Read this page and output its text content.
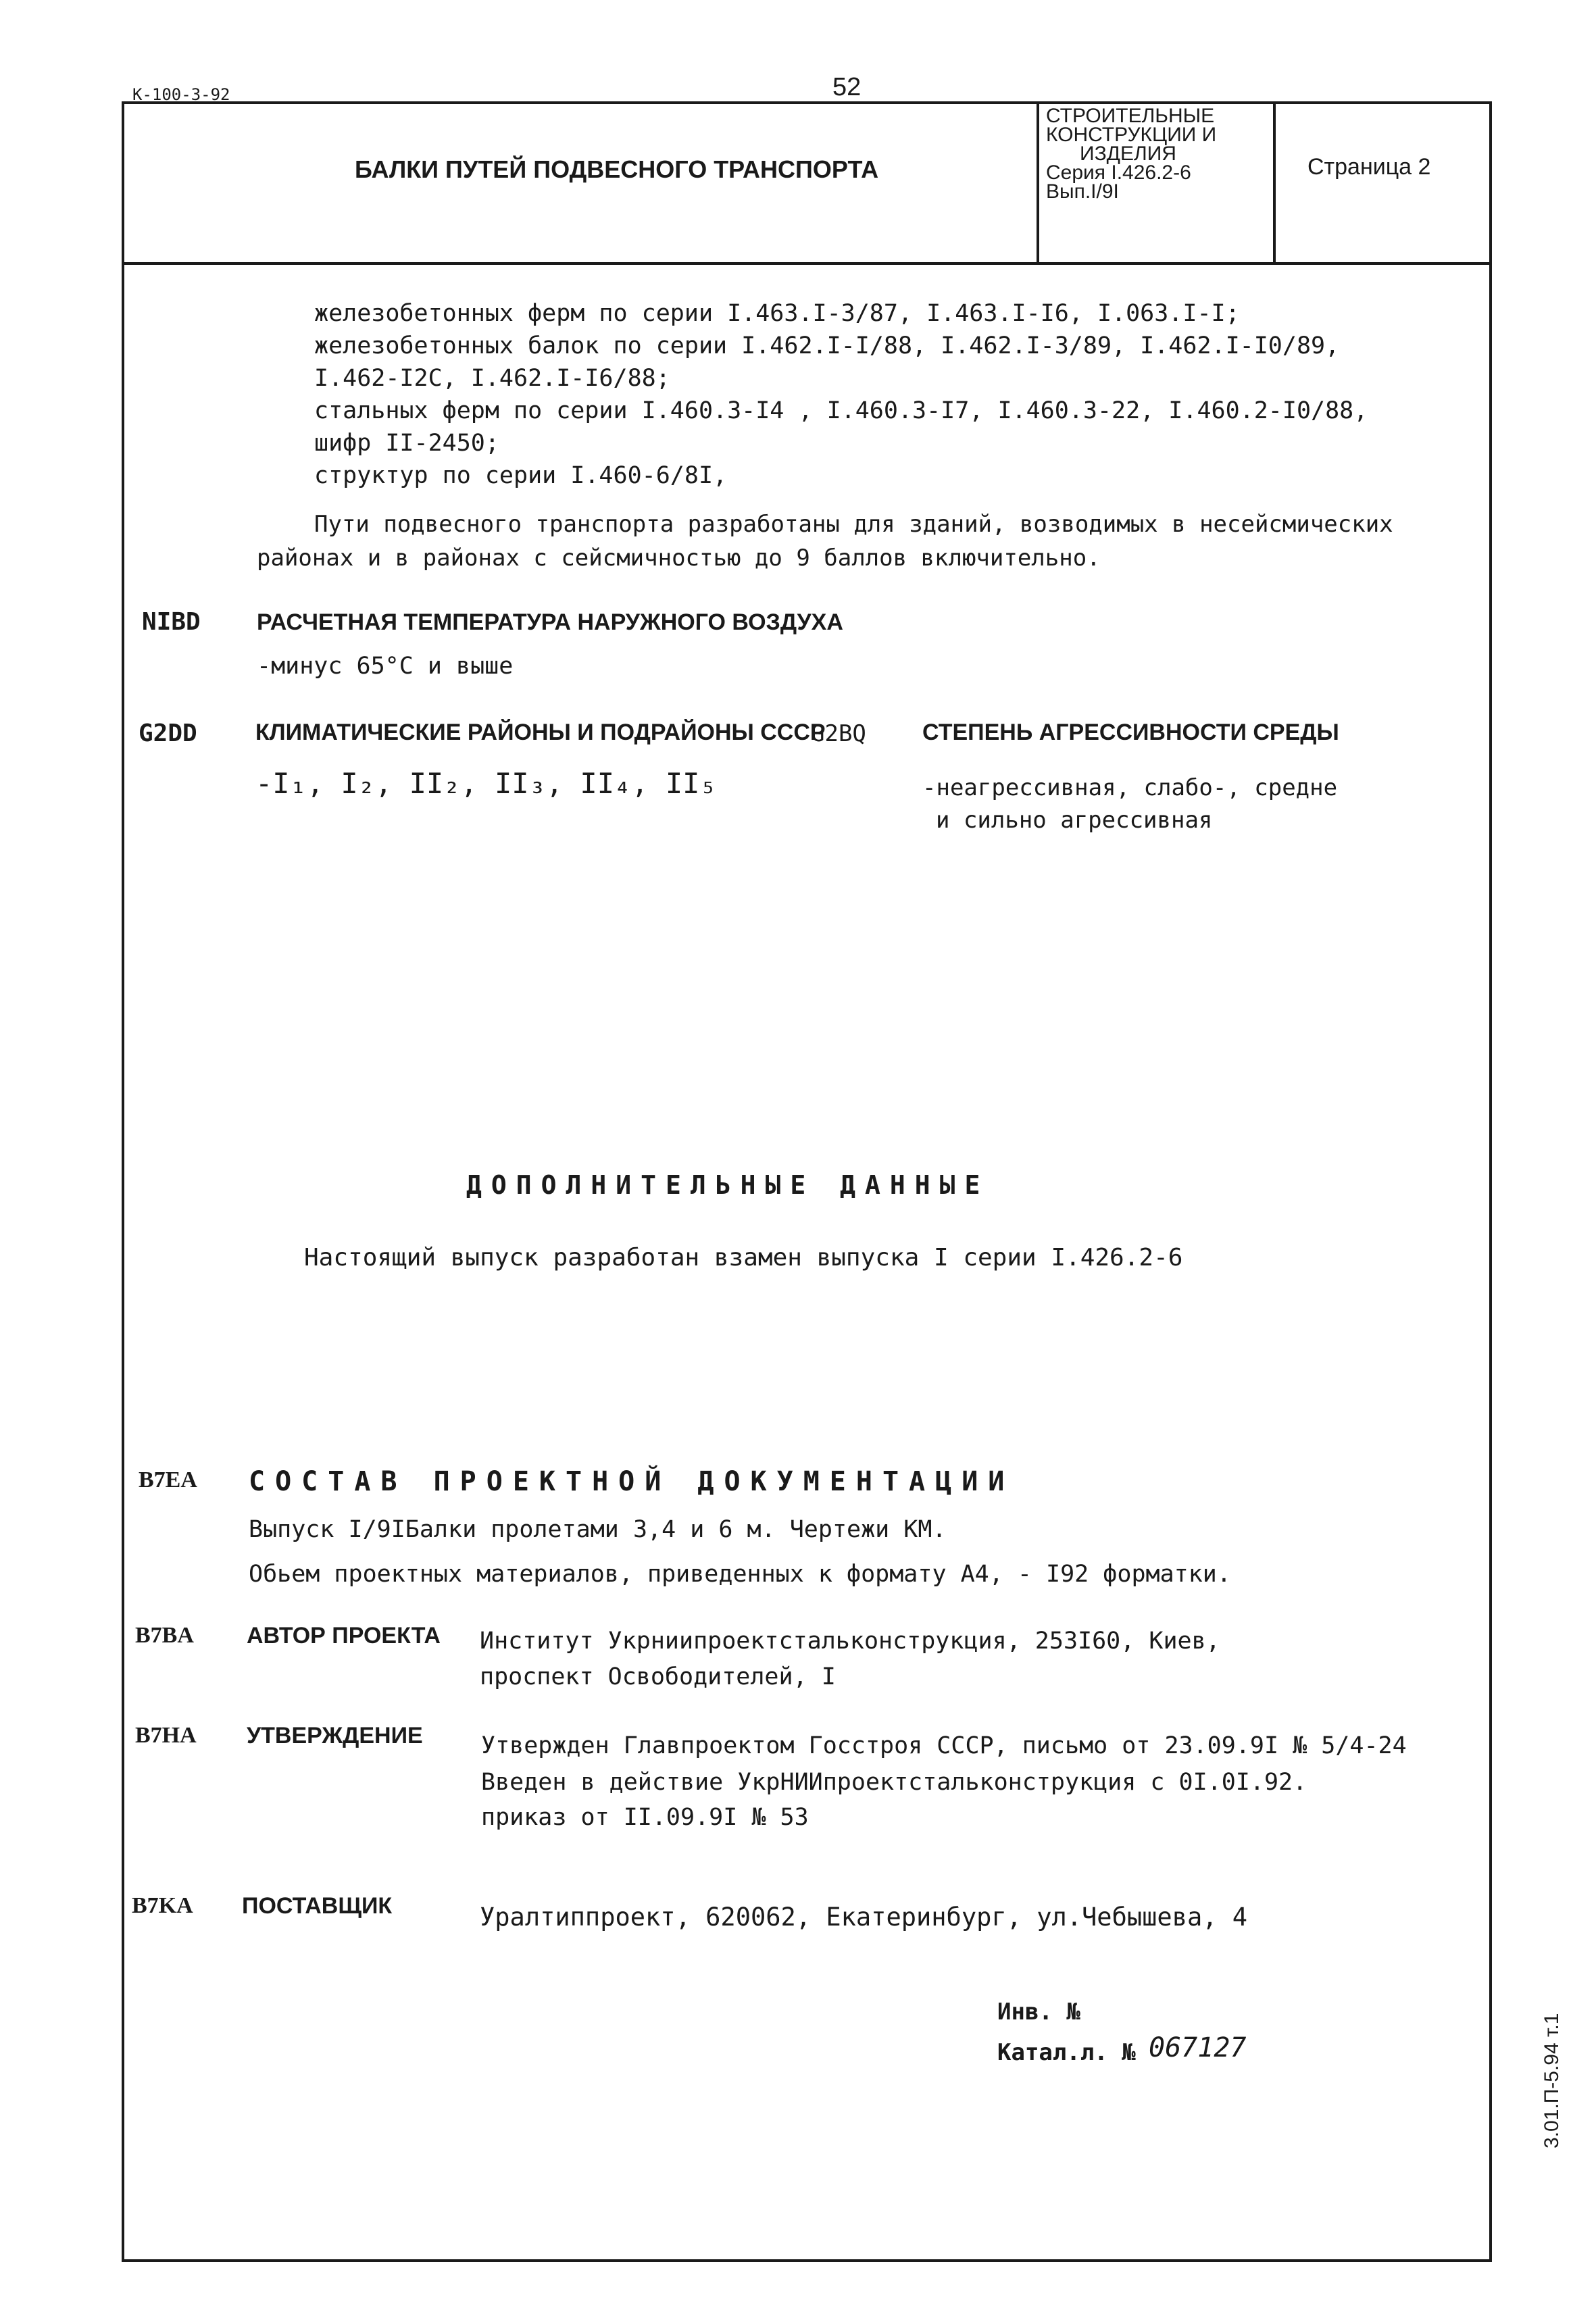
К-100-3-92	52
БАЛКИ ПУТЕЙ ПОДВЕСНОГО ТРАНСПОРТА
СТРОИТЕЛЬНЫЕ
КОНСТРУКЦИИ И
ИЗДЕЛИЯ
Серия I.426.2-6
Вып.I/9I
Страница 2
железобетонных ферм по серии I.463.I-3/87, I.463.I-I6, I.063.I-I;
железобетонных балок по серии I.462.I-I/88, I.462.I-3/89, I.462.I-I0/89,
I.462-I2С, I.462.I-I6/88;
стальных ферм по серии I.460.3-I4 , I.460.3-I7, I.460.3-22, I.460.2-I0/88,
шифр II-2450;
структур по серии I.460-6/8I,
Пути подвесного транспорта разработаны для зданий, возводимых в несейсмических
районах и в районах с сейсмичностью до 9 баллов включительно.
NIBD РАСЧЕТНАЯ ТЕМПЕРАТУРА НАРУЖНОГО ВОЗДУХА
-минус 65°С и выше
G2DD	КЛИМАТИЧЕСКИЕ РАЙОНЫ И ПОДРАЙОНЫ СССР
-I₁, I₂, II₂, II₃, II₄, II₅
G2BQ СТЕПЕНЬ АГРЕССИВНОСТИ СРЕДЫ
-неагрессивная, слабо-, средне
и сильно агрессивная
ДОПОЛНИТЕЛЬНЫЕ ДАННЫЕ
Настоящий выпуск разработан взамен выпуска I серии I.426.2-6
B7EA СОСТАВ ПРОЕКТНОЙ ДОКУМЕНТАЦИИ
Выпуск I/9IБалки пролетами 3,4 и 6 м. Чертежи КМ.
Обьем проектных материалов, приведенных к формату А4, - I92 форматки.
B7BA АВТОР ПРОЕКТА Институт Укрниипроектстальконструкция, 253I60, Киев,
проспект Освободителей, I
B7HA УТВЕРЖДЕНИЕ Утвержден Главпроектом Госстроя СССР, письмо от 23.09.9I № 5/4-24
Введен в действие УкрНИИпроектстальконструкция с 0I.0I.92.
приказ от II.09.9I № 53
B7KA ПОСТАВЩИК	Уралтиппроект, 620062, Екатеринбург, ул.Чебышева, 4
Инв. №
Катал.л. № 067127	3.01.П-5.94 т.1
